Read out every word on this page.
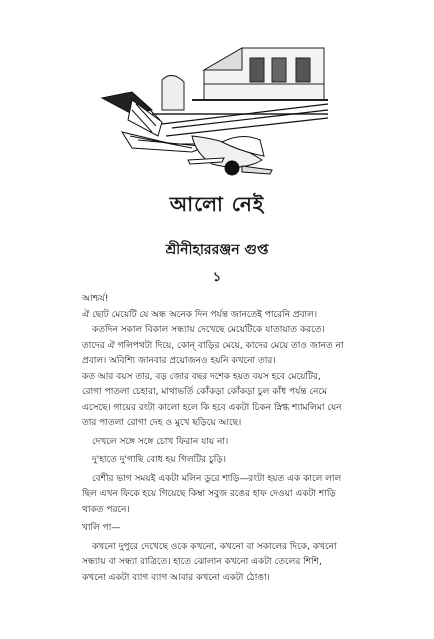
আলো নেই
শ্রীনীহাররঞ্জন গুপ্ত
১

আশ্চর্য!

ঐ ছোট মেয়েটি যে অন্ধ অনেক দিন পর্যন্ত জানতেই পারেনি প্রবাল।

কতদিন সকাল বিকাল সন্ধ্যায় দেখেছে মেয়েটিকে যাতায়াত করতে।

তাদের ঐ গলিপথটা দিয়ে, কোন্ বাড়ির মেয়ে, কাদের মেয়ে তাও জানত না

প্রবাল। অবিশ্যি জানবার প্রয়োজনও হয়নি কখনো তার।

কত আর বয়স তার, বড় জোর বছর দশেক হয়ত বয়স হবে মেয়েটির,

রোগা পাতলা চেহারা, মাথাভর্তি কোঁকড়া কোঁকড়া চুল কাঁধ পর্যন্ত নেমে

এসেছে। গায়ের রংটা কালো হলে কি হবে একটা চিকন স্নিগ্ধ শ্যামলিমা যেন

তার পাতলা রোগা দেহ ও মুখে ছড়িয়ে আছে।

দেখলে সঙ্গে সঙ্গে চোখ ফিরান যায় না।

দু'হাতে দু'গাছি বোধ হয় গিলটির চুড়ি।

বেশীর ভাগ সময়ই একটা মলিন ডুরে শাড়ি—রংটা হয়ত এক কালে লাল

ছিল এখন ফিকে হয়ে গিয়েছে কিম্বা সবুজ রঙের হাফ দেওয়া একটা শাড়ি

থাকত পরনে।

খালি পা—

কখনো দুপুরে দেখেছে ওকে কখনো, কখনো বা সকালের দিকে, কখনো

সন্ধ্যায় বা সন্ধ্যা রাত্রিতে। হাতে ঝোলান কখনো একটা তেলের শিশি,

কখনো একটা ব্যাগ ব্যাগ আবার কখনো একটা ঠোঙা।
